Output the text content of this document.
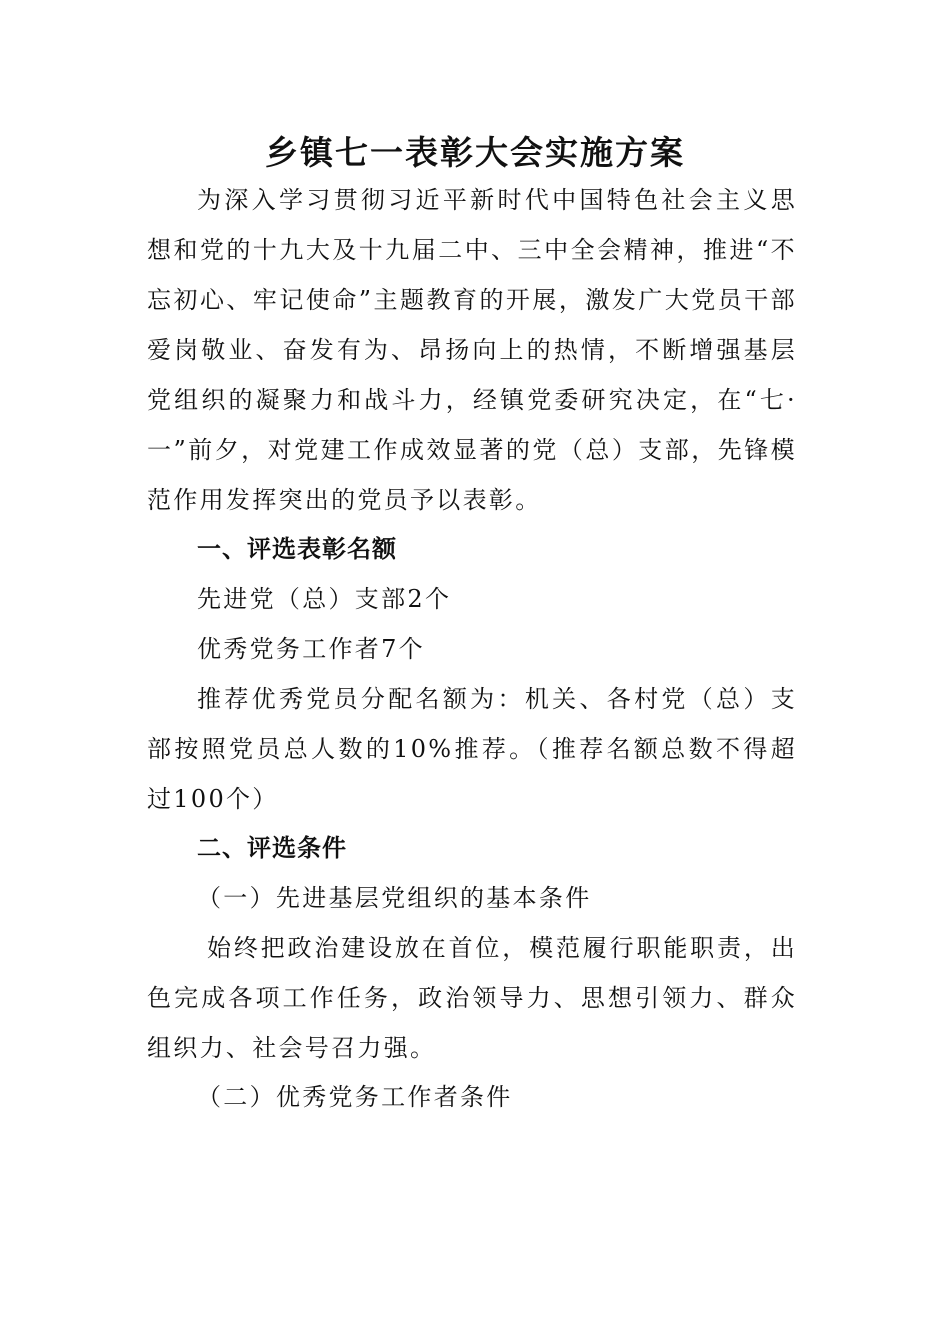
乡镇七一表彰大会实施方案

为深入学习贯彻习近平新时代中国特色社会主义思想和党的十九大及十九届二中、三中全会精神，推进“不忘初心、牢记使命”主题教育的开展，激发广大党员干部爱岗敬业、奋发有为、昂扬向上的热情，不断增强基层党组织的凝聚力和战斗力，经镇党委研究决定，在“七·一”前夕，对党建工作成效显著的党（总）支部，先锋模范作用发挥突出的党员予以表彰。

一、评选表彰名额

先进党（总）支部2个

优秀党务工作者7个

推荐优秀党员分配名额为：机关、各村党（总）支部按照党员总人数的10%推荐。（推荐名额总数不得超过100个）

二、评选条件

（一）先进基层党组织的基本条件

始终把政治建设放在首位，模范履行职能职责，出色完成各项工作任务，政治领导力、思想引领力、群众组织力、社会号召力强。

（二）优秀党务工作者条件
